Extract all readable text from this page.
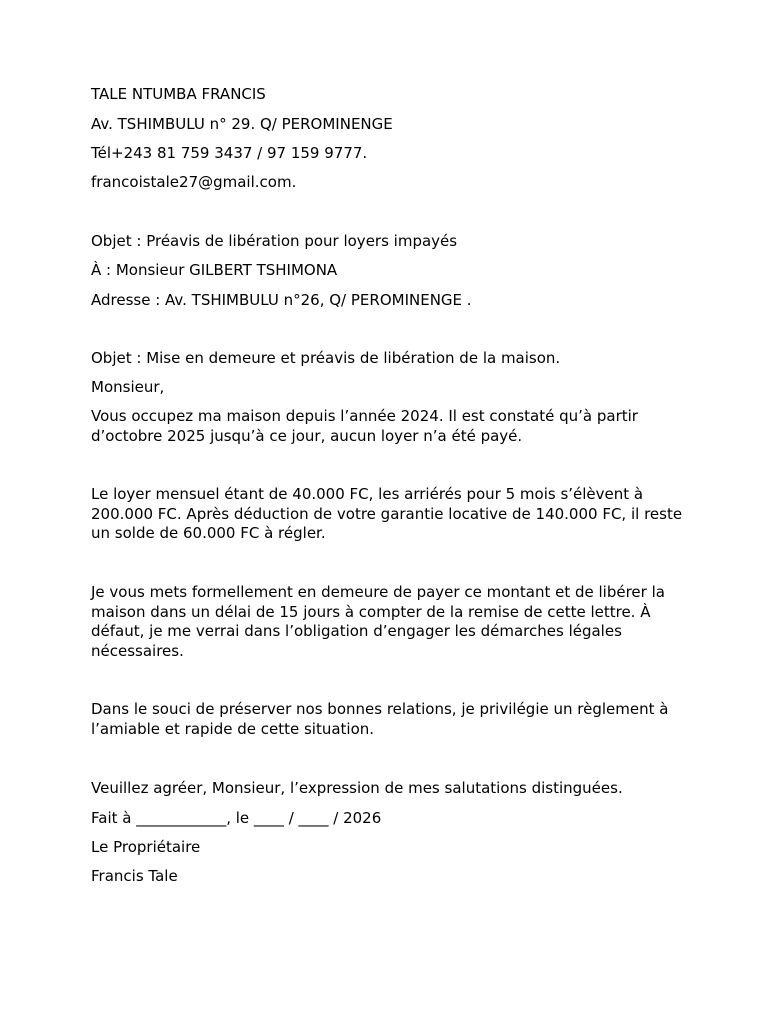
TALE NTUMBA FRANCIS

Av. TSHIMBULU n° 29. Q/ PEROMINENGE

Tél+243 81 759 3437 / 97 159 9777.

francoistale27@gmail.com.

Objet : Préavis de libération pour loyers impayés

À : Monsieur GILBERT TSHIMONA

Adresse : Av. TSHIMBULU n°26, Q/ PEROMINENGE .

Objet : Mise en demeure et préavis de libération de la maison.

Monsieur,

Vous occupez ma maison depuis l’année 2024. Il est constaté qu’à partir d’octobre 2025 jusqu’à ce jour, aucun loyer n’a été payé.

Le loyer mensuel étant de 40.000 FC, les arriérés pour 5 mois s’élèvent à 200.000 FC. Après déduction de votre garantie locative de 140.000 FC, il reste un solde de 60.000 FC à régler.

Je vous mets formellement en demeure de payer ce montant et de libérer la maison dans un délai de 15 jours à compter de la remise de cette lettre. À défaut, je me verrai dans l’obligation d’engager les démarches légales nécessaires.

Dans le souci de préserver nos bonnes relations, je privilégie un règlement à l’amiable et rapide de cette situation.

Veuillez agréer, Monsieur, l’expression de mes salutations distinguées.

Fait à ____________, le ____ / ____ / 2026

Le Propriétaire

Francis Tale
